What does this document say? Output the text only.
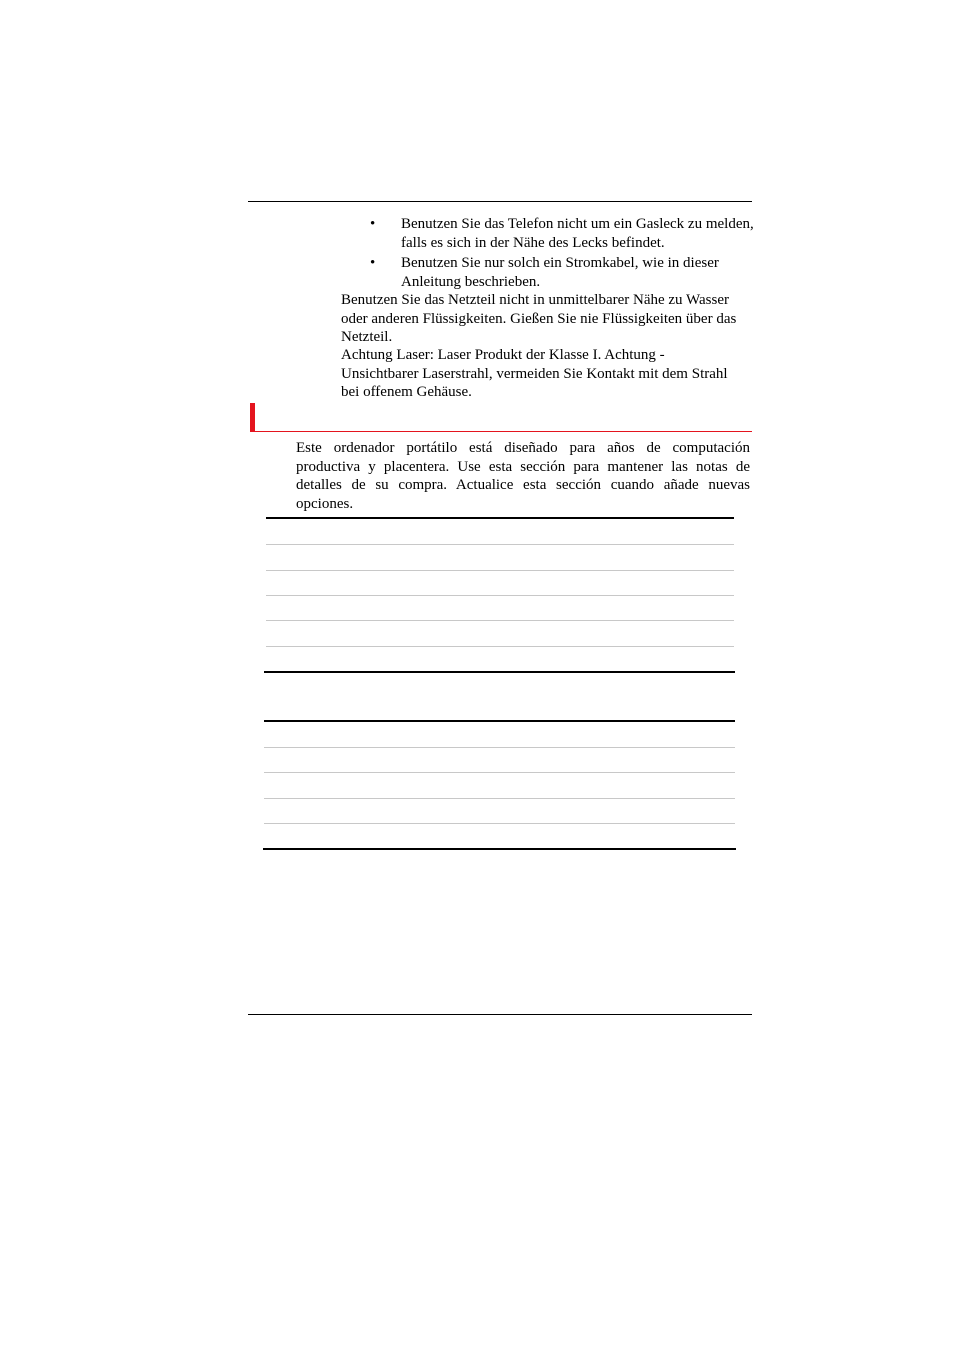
• Benutzen Sie das Telefon nicht um ein Gasleck zu melden, falls es sich in der Nähe des Lecks befindet.
• Benutzen Sie nur solch ein Stromkabel, wie in dieser Anleitung beschrieben.

Benutzen Sie das Netzteil nicht in unmittelbarer Nähe zu Wasser oder anderen Flüssigkeiten. Gießen Sie nie Flüssigkeiten über das Netzteil.

Achtung Laser: Laser Produkt der Klasse I. Achtung - Unsichtbarer Laserstrahl, vermeiden Sie Kontakt mit dem Strahl bei offenem Gehäuse.

Este ordenador portátilo está diseñado para años de computación productiva y placentera. Use esta sección para mantener las notas de detalles de su compra. Actualice esta sección cuando añade nuevas opciones.
